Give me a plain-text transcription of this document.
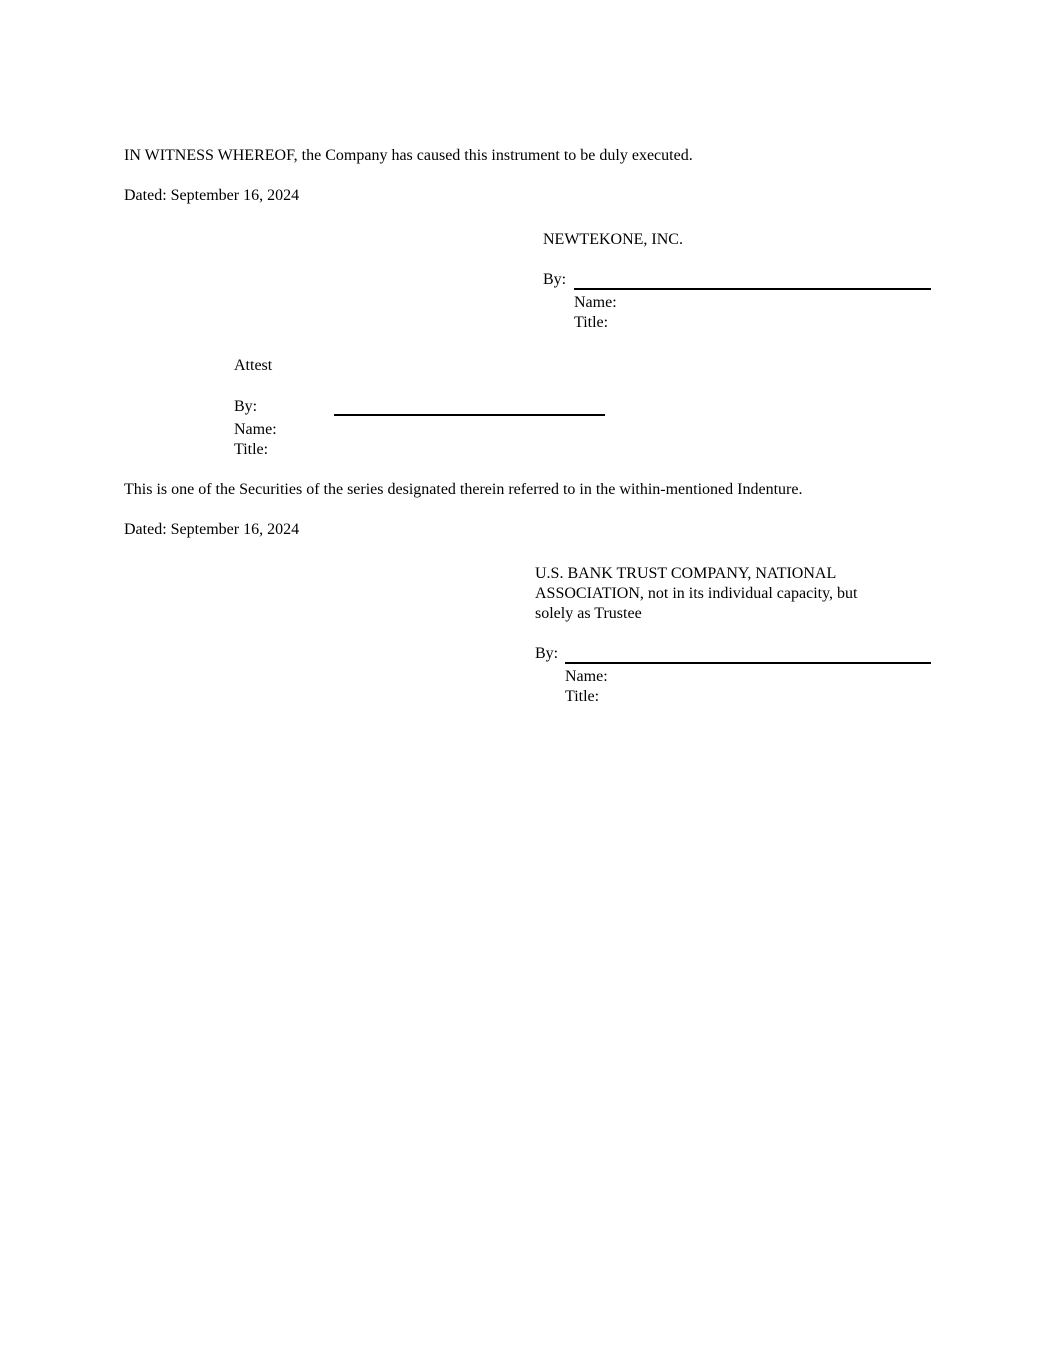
IN WITNESS WHEREOF, the Company has caused this instrument to be duly executed.
Dated: September 16, 2024
NEWTEKONE, INC.
By:
Name:
Title:
Attest
By:
Name:
Title:
This is one of the Securities of the series designated therein referred to in the within-mentioned Indenture.
Dated: September 16, 2024
U.S. BANK TRUST COMPANY, NATIONAL
ASSOCIATION, not in its individual capacity, but
solely as Trustee
By:
Name:
Title:
